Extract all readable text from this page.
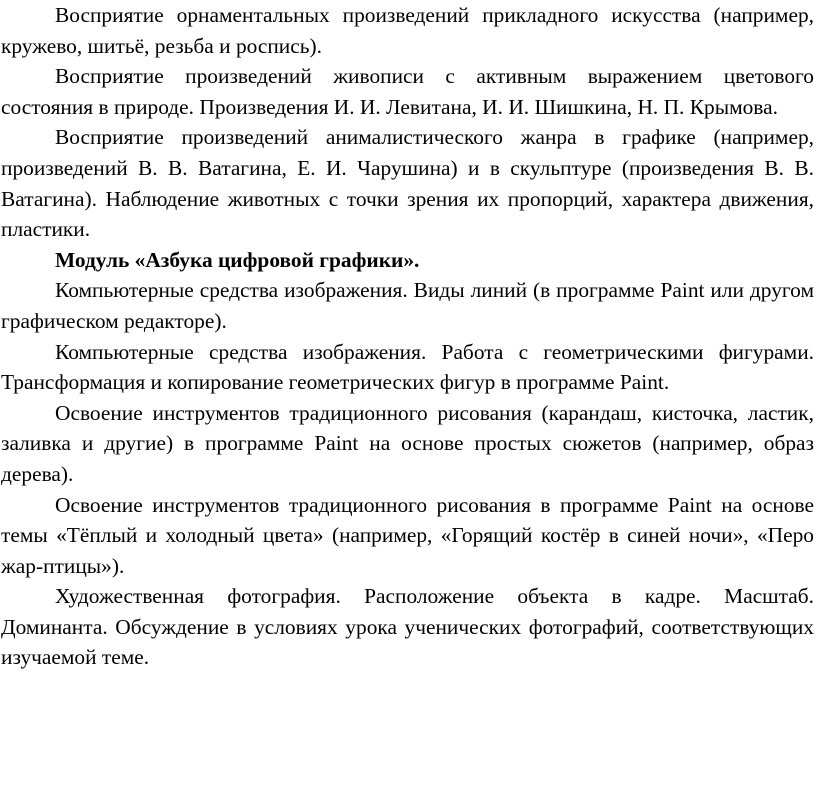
Восприятие орнаментальных произведений прикладного искусства (например, кружево, шитьё, резьба и роспись).

Восприятие произведений живописи с активным выражением цветового состояния в природе. Произведения И. И. Левитана, И. И. Шишкина, Н. П. Крымова.

Восприятие произведений анималистического жанра в графике (например, произведений В. В. Ватагина, Е. И. Чарушина) и в скульптуре (произведения В. В. Ватагина). Наблюдение животных с точки зрения их пропорций, характера движения, пластики.

Модуль «Азбука цифровой графики».

Компьютерные средства изображения. Виды линий (в программе Paint или другом графическом редакторе).

Компьютерные средства изображения. Работа с геометрическими фигурами. Трансформация и копирование геометрических фигур в программе Paint.

Освоение инструментов традиционного рисования (карандаш, кисточка, ластик, заливка и другие) в программе Paint на основе простых сюжетов (например, образ дерева).

Освоение инструментов традиционного рисования в программе Paint на основе темы «Тёплый и холодный цвета» (например, «Горящий костёр в синей ночи», «Перо жар-птицы»).

Художественная фотография. Расположение объекта в кадре. Масштаб. Доминанта. Обсуждение в условиях урока ученических фотографий, соответствующих изучаемой теме.
